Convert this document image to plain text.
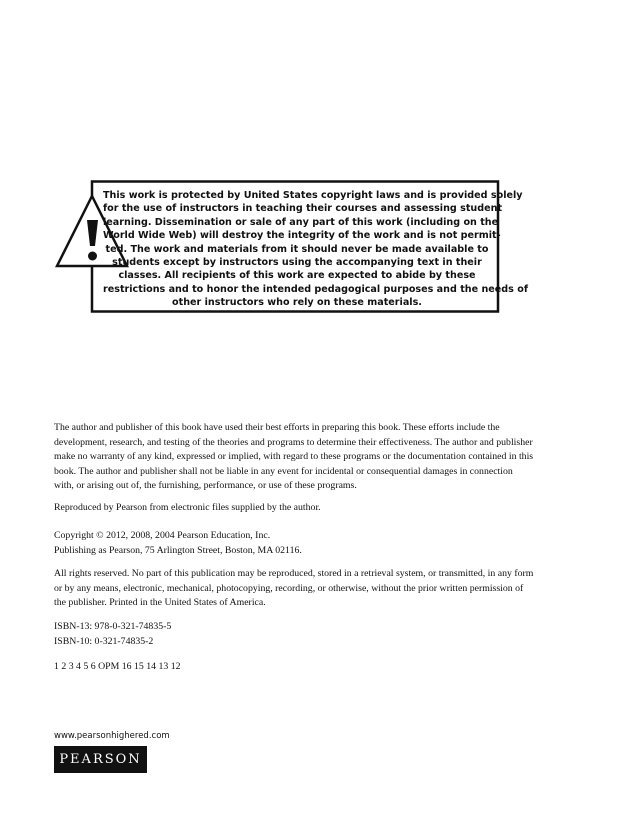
This work is protected by United States copyright laws and is provided solely
for the use of instructors in teaching their courses and assessing student
learning. Dissemination or sale of any part of this work (including on the
World Wide Web) will destroy the integrity of the work and is not permit-
ted. The work and materials from it should never be made available to
students except by instructors using the accompanying text in their
classes. All recipients of this work are expected to abide by these
restrictions and to honor the intended pedagogical purposes and the needs of
other instructors who rely on these materials.
The author and publisher of this book have used their best efforts in preparing this book. These efforts include the
development, research, and testing of the theories and programs to determine their effectiveness. The author and publisher
make no warranty of any kind, expressed or implied, with regard to these programs or the documentation contained in this
book. The author and publisher shall not be liable in any event for incidental or consequential damages in connection
with, or arising out of, the furnishing, performance, or use of these programs.
Reproduced by Pearson from electronic files supplied by the author.
Copyright © 2012, 2008, 2004 Pearson Education, Inc.
Publishing as Pearson, 75 Arlington Street, Boston, MA 02116.
All rights reserved. No part of this publication may be reproduced, stored in a retrieval system, or transmitted, in any form
or by any means, electronic, mechanical, photocopying, recording, or otherwise, without the prior written permission of
the publisher. Printed in the United States of America.
ISBN-13: 978-0-321-74835-5
ISBN-10: 0-321-74835-2
1 2 3 4 5 6 OPM 16 15 14 13 12
www.pearsonhighered.com
PEARSON
